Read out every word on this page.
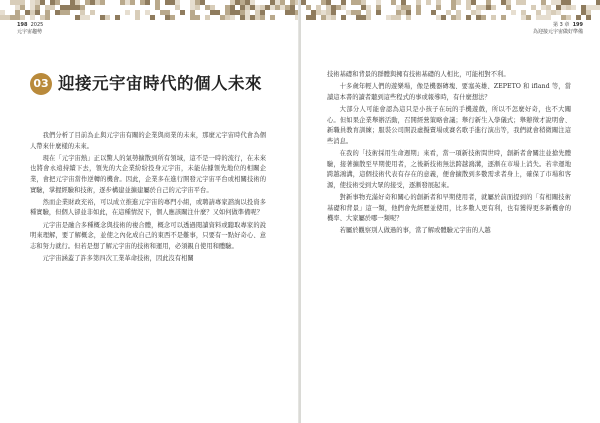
198 2025
元宇宙趨勢
03 迎接元宇宙時代的個人未來

我們分析了目前為止與元宇宙有關的企業與商業的未來，那麼元宇宙時代會為個人帶來什麼樣的未來。

現在「元宇宙熱」正以驚人的氣勢擴散到所有領域，這不是一時的流行，在未來也將會永遠持續下去，領先的大企業紛紛投身元宇宙，未能佔據領先地位的相關企業，會把元宇宙當作逆轉的機會。因此，企業多在進行開發元宇宙平台或相關技術的實驗，掌握經驗和技術，逐步構建並擴建屬於自己的元宇宙平台。

然而企業財政充裕，可以成立推進元宇宙的專門小組，或聘請專家諮詢以投資多種實驗，但個人卻並非如此，在這種情況下，個人應該關注什麼？又如何做準備呢？

元宇宙是融合多種概念與技術的複合體，概念可以透過閱讀資料或聽取專家的說明來理解，要了解概念，並使之內化成自己的東西不是難事，只要有一點好奇心、意志和努力就行。但若是想了解元宇宙的技術和運用，必須親自使用和體驗。

元宇宙涵蓋了許多第四次工業革命技術，因此沒有相關

第 3 章 199
為迎接元宇宙做好準備

技術基礎和背景的群體與擁有技術基礎的人相比，可能相對不利。

十多歲年輕人們的遊樂場，像是機器磚塊、要塞英雄、ZEPETO 和 ifland 等，當讀這本書的讀者聽到這些程式的事或報導時，有什麼想法？

大部分人可能會認為這只是小孩子在玩的手機遊戲，所以不怎麼好奇，也不大關心。但如果企業舉辦活動，召開經營策略會議；舉行新生入學儀式；舉辦徵才說明會、新職員教育訓練；服裝公司開設虛擬賣場或賽名歌手進行演出等，我們就會稍微關注這些消息。

在我的「技術採用生命週期」來看，當一項新技術問世時，創新者會關注並搶先體驗，接著擴散至早期使用者，之後新技術無法跨越鴻溝，逐漸在市場上消失。若幸運地跨越鴻溝，這個技術代表有存在的意義，便會擴散到多數需求者身上，確保了市場和客源，使技術受到大眾的接受，逐漸發展起來。

對新事物充滿好奇和關心的創新者和早期使用者，就屬於前面提到的「有相關技術基礎和背景」這一類，他們會先經歷並使用，比多數人更有利，也有獲得更多新機會的機率、大家屬於哪一類呢？

若屬於觀察別人做過的事，當了解或體驗元宇宙的人越
